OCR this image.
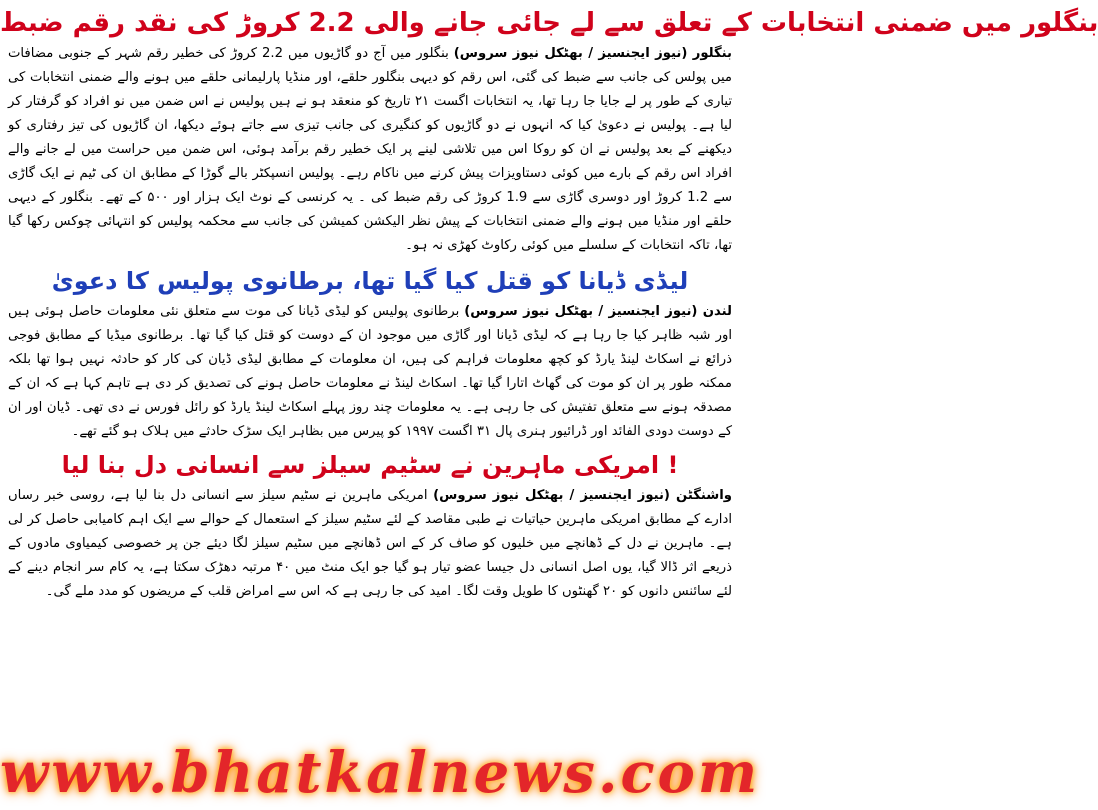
بنگلور میں ضمنی انتخابات کے تعلق سے لے جائی جانے والی 2.2 کروڑ کی نقد رقم ضبط

بنگلور (نیوز ایجنسیز / بھٹکل نیوز سروس) بنگلور میں آج دو گاڑیوں میں 2.2 کروڑ کی خطیر رقم شہر کے جنوبی مضافات میں پولس کی جانب سے ضبط کی گئی، اس رقم کو دیہی بنگلور حلقے، اور منڈیا پارلیمانی حلقے میں ہونے والے ضمنی انتخابات کی تیاری کے طور پر لے جایا جا رہا تھا، یہ انتخابات اگست ۲۱ تاریخ کو منعقد ہو نے ہیں پولیس نے اس ضمن میں نو افراد کو گرفتار کر لیا ہے۔ پولیس نے دعویٰ کیا کہ انہوں نے دو گاڑیوں کو کنگیری کی جانب تیزی سے جاتے ہوئے دیکھا، ان گاڑیوں کی تیز رفتاری کو دیکھنے کے بعد پولیس نے ان کو روکا اس میں تلاشی لینے پر ایک خطیر رقم برآمد ہوئی، اس ضمن میں حراست میں لے جانے والے افراد اس رقم کے بارے میں کوئی دستاویزات پیش کرنے میں ناکام رہے۔ پولیس انسپکٹر بالے گوڑا کے مطابق ان کی ٹیم نے ایک گاڑی سے 1.2 کروڑ اور دوسری گاڑی سے 1.9 کروڑ کی رقم ضبط کی ۔ یہ کرنسی کے نوٹ ایک ہزار اور ۵۰۰ کے تھے۔ بنگلور کے دیہی حلقے اور منڈیا میں ہونے والے ضمنی انتخابات کے پیش نظر الیکشن کمیشن کی جانب سے محکمہ پولیس کو انتہائی چوکس رکھا گیا تھا، تاکہ انتخابات کے سلسلے میں کوئی رکاوٹ کھڑی نہ ہو۔

لیڈی ڈیانا کو قتل کیا گیا تھا، برطانوی پولیس کا دعویٰ

لندن (نیوز ایجنسیز / بھٹکل نیوز سروس) برطانوی پولیس کو لیڈی ڈیانا کی موت سے متعلق نئی معلومات حاصل ہوئی ہیں اور شبہ ظاہر کیا جا رہا ہے کہ لیڈی ڈیانا اور گاڑی میں موجود ان کے دوست کو قتل کیا گیا تھا۔ برطانوی میڈیا کے مطابق فوجی ذرائع نے اسکاٹ لینڈ یارڈ کو کچھ معلومات فراہم کی ہیں، ان معلومات کے مطابق لیڈی ڈیان کی کار کو حادثہ نہیں ہوا تھا بلکہ ممکنہ طور پر ان کو موت کی گھاٹ اتارا گیا تھا۔ اسکاٹ لینڈ نے معلومات حاصل ہونے کی تصدیق کر دی ہے تاہم کہا ہے کہ ان کے مصدقہ ہونے سے متعلق تفتیش کی جا رہی ہے۔ یہ معلومات چند روز پہلے اسکاٹ لینڈ یارڈ کو رائل فورس نے دی تھی۔ ڈیان اور ان کے دوست دودی الفائد اور ڈرائیور ہنری پال ۳۱ اگست ۱۹۹۷ کو پیرس میں بظاہر ایک سڑک حادثے میں ہلاک ہو گئے تھے۔

امریکی ماہرین نے سٹیم سیلز سے انسانی دل بنا لیا !

واشنگٹن (نیوز ایجنسیز / بھٹکل نیوز سروس) امریکی ماہرین نے سٹیم سیلز سے انسانی دل بنا لیا ہے، روسی خبر رساں ادارے کے مطابق امریکی ماہرین حیاتیات نے طبی مقاصد کے لئے سٹیم سیلز کے استعمال کے حوالے سے ایک اہم کامیابی حاصل کر لی ہے۔ ماہرین نے دل کے ڈھانچے میں خلیوں کو صاف کر کے اس ڈھانچے میں سٹیم سیلز لگا دیئے جن پر خصوصی کیمیاوی مادوں کے ذریعے اثر ڈالا گیا، یوں اصل انسانی دل جیسا عضو تیار ہو گیا جو ایک منٹ میں ۴۰ مرتبہ دھڑک سکتا ہے، یہ کام سر انجام دینے کے لئے سائنس دانوں کو ۲۰ گھنٹوں کا طویل وقت لگا۔ امید کی جا رہی ہے کہ اس سے امراض قلب کے مریضوں کو مدد ملے گی۔

www.bhatkalnews.com
